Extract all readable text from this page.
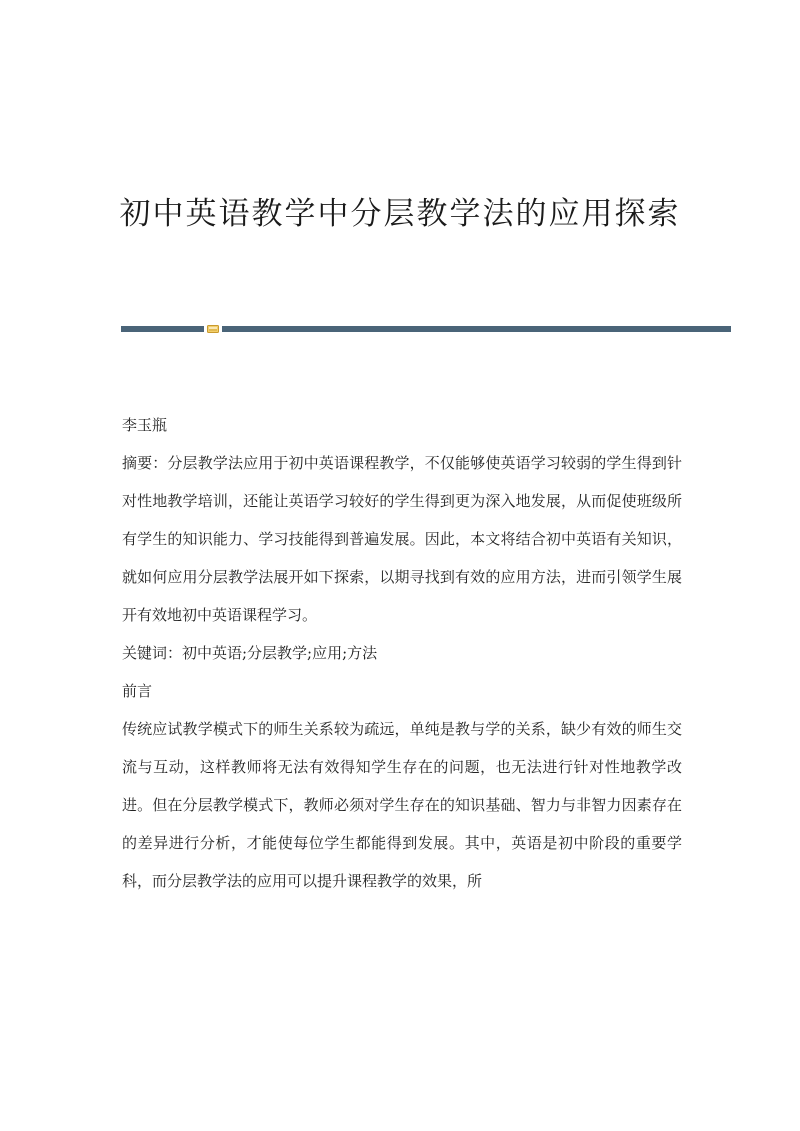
初中英语教学中分层教学法的应用探索

李玉瓶

摘要：分层教学法应用于初中英语课程教学，不仅能够使英语学习较弱的学生得到针对性地教学培训，还能让英语学习较好的学生得到更为深入地发展，从而促使班级所有学生的知识能力、学习技能得到普遍发展。因此，本文将结合初中英语有关知识，就如何应用分层教学法展开如下探索，以期寻找到有效的应用方法，进而引领学生展开有效地初中英语课程学习。

关键词：初中英语;分层教学;应用;方法

前言

传统应试教学模式下的师生关系较为疏远，单纯是教与学的关系，缺少有效的师生交流与互动，这样教师将无法有效得知学生存在的问题，也无法进行针对性地教学改进。但在分层教学模式下，教师必须对学生存在的知识基础、智力与非智力因素存在的差异进行分析，才能使每位学生都能得到发展。其中，英语是初中阶段的重要学科，而分层教学法的应用可以提升课程教学的效果，所
